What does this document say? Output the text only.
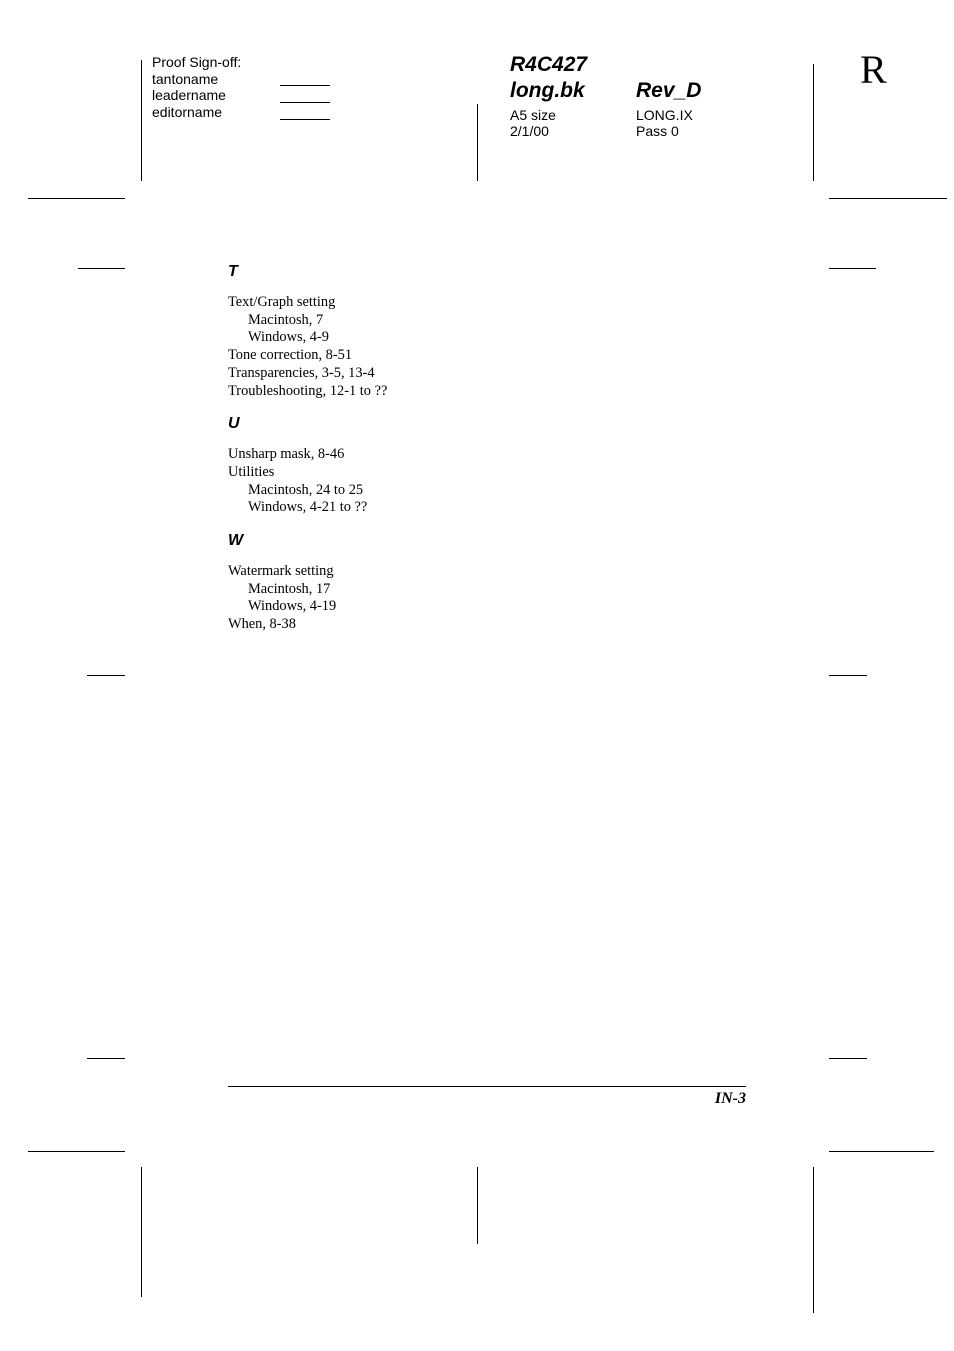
Proof Sign-off:
tantoname
leadername
editorname
R4C427
long.bk Rev_D
A5 size
2/1/00
LONG.IX
Pass 0
R
T
Text/Graph setting
Macintosh, 7
Windows, 4-9
Tone correction, 8-51
Transparencies, 3-5, 13-4
Troubleshooting, 12-1 to ??
U
Unsharp mask, 8-46
Utilities
Macintosh, 24 to 25
Windows, 4-21 to ??
W
Watermark setting
Macintosh, 17
Windows, 4-19
When, 8-38
IN-3
